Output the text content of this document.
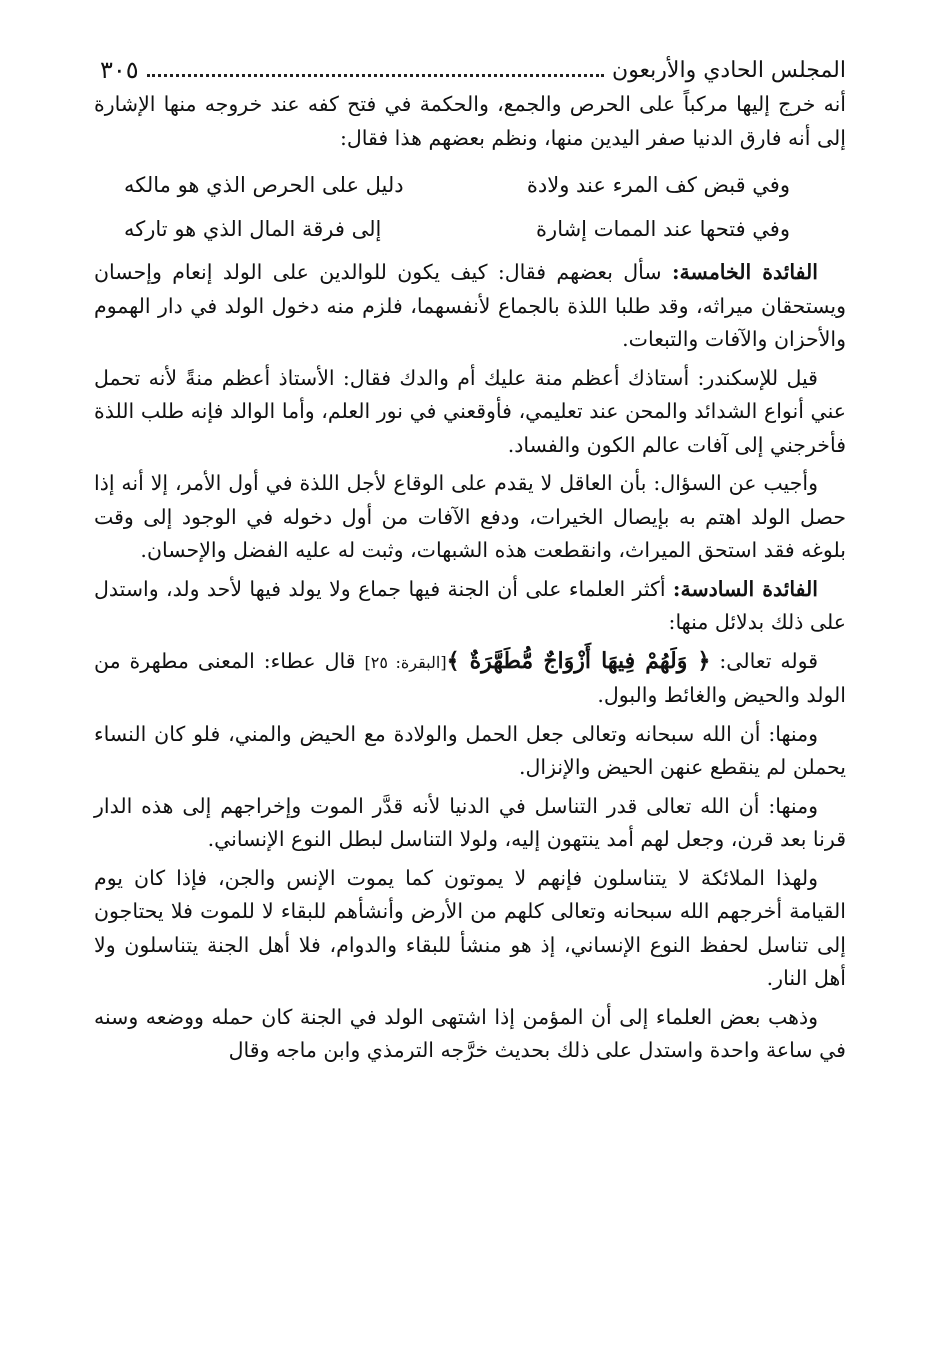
المجلس الحادي والأربعون
٣٠٥

أنه خرج إليها مركباً على الحرص والجمع، والحكمة في فتح كفه عند خروجه منها الإشارة إلى أنه فارق الدنيا صفر اليدين منها، ونظم بعضهم هذا فقال:

وفي قبض كف المرء عند ولادة
دليل على الحرص الذي هو مالكه
وفي فتحها عند الممات إشارة
إلى فرقة المال الذي هو تاركه

الفائدة الخامسة: سأل بعضهم فقال: كيف يكون للوالدين على الولد إنعام وإحسان ويستحقان ميراثه، وقد طلبا اللذة بالجماع لأنفسهما، فلزم منه دخول الولد في دار الهموم والأحزان والآفات والتبعات.

قيل للإسكندر: أستاذك أعظم منة عليك أم والدك فقال: الأستاذ أعظم منةً لأنه تحمل عني أنواع الشدائد والمحن عند تعليمي، فأوقعني في نور العلم، وأما الوالد فإنه طلب اللذة فأخرجني إلى آفات عالم الكون والفساد.

وأجيب عن السؤال: بأن العاقل لا يقدم على الوقاع لأجل اللذة في أول الأمر، إلا أنه إذا حصل الولد اهتم به بإيصال الخيرات، ودفع الآفات من أول دخوله في الوجود إلى وقت بلوغه فقد استحق الميراث، وانقطعت هذه الشبهات، وثبت له عليه الفضل والإحسان.

الفائدة السادسة: أكثر العلماء على أن الجنة فيها جماع ولا يولد فيها لأحد ولد، واستدل على ذلك بدلائل منها:

قوله تعالى: ﴿ وَلَهُمْ فِيهَا أَزْوَاجٌ مُّطَهَّرَةٌ ﴾[البقرة: ٢٥] قال عطاء: المعنى مطهرة من الولد والحيض والغائط والبول.

ومنها: أن الله سبحانه وتعالى جعل الحمل والولادة مع الحيض والمني، فلو كان النساء يحملن لم ينقطع عنهن الحيض والإنزال.

ومنها: أن الله تعالى قدر التناسل في الدنيا لأنه قدَّر الموت وإخراجهم إلى هذه الدار قرنا بعد قرن، وجعل لهم أمد ينتهون إليه، ولولا التناسل لبطل النوع الإنساني.

ولهذا الملائكة لا يتناسلون فإنهم لا يموتون كما يموت الإنس والجن، فإذا كان يوم القيامة أخرجهم الله سبحانه وتعالى كلهم من الأرض وأنشأهم للبقاء لا للموت فلا يحتاجون إلى تناسل لحفظ النوع الإنساني، إذ هو منشأ للبقاء والدوام، فلا أهل الجنة يتناسلون ولا أهل النار.

وذهب بعض العلماء إلى أن المؤمن إذا اشتهى الولد في الجنة كان حمله ووضعه وسنه في ساعة واحدة واستدل على ذلك بحديث خرَّجه الترمذي وابن ماجه وقال
